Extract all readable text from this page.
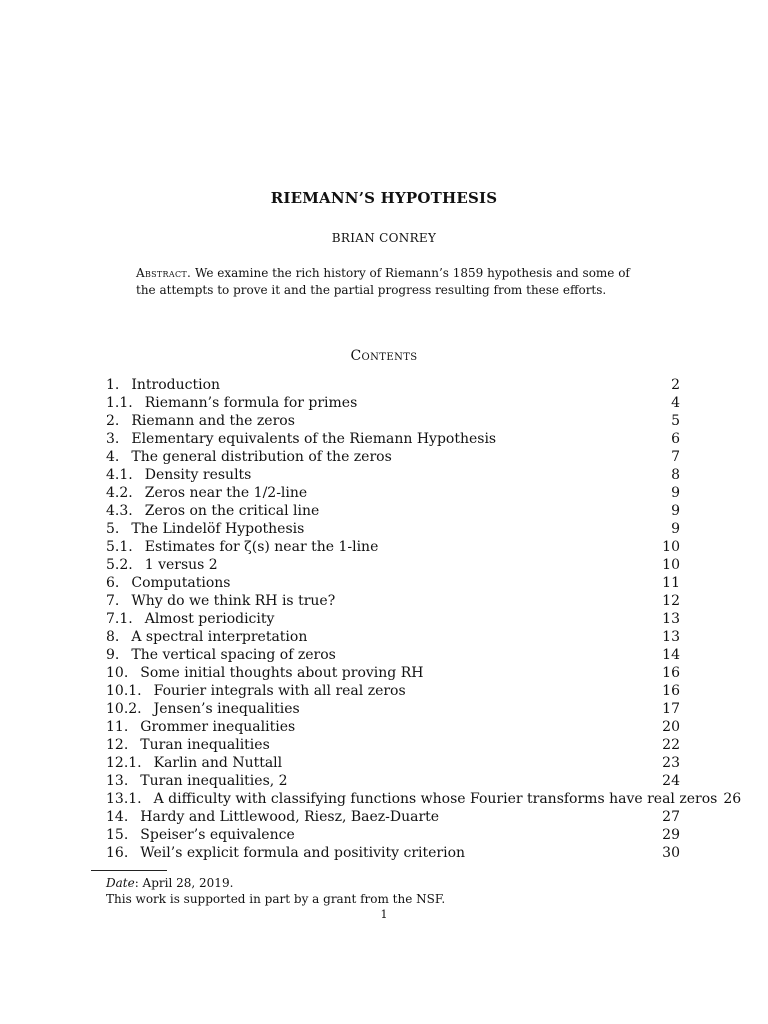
RIEMANN’S HYPOTHESIS
BRIAN CONREY
Abstract. We examine the rich history of Riemann’s 1859 hypothesis and some of the attempts to prove it and the partial progress resulting from these efforts.
Contents
1. Introduction	2
1.1. Riemann’s formula for primes	4
2. Riemann and the zeros	5
3. Elementary equivalents of the Riemann Hypothesis	6
4. The general distribution of the zeros	7
4.1. Density results	8
4.2. Zeros near the 1/2-line	9
4.3. Zeros on the critical line	9
5. The Lindelöf Hypothesis	9
5.1. Estimates for ζ(s) near the 1-line	10
5.2. 1 versus 2	10
6. Computations	11
7. Why do we think RH is true?	12
7.1. Almost periodicity	13
8. A spectral interpretation	13
9. The vertical spacing of zeros	14
10. Some initial thoughts about proving RH	16
10.1. Fourier integrals with all real zeros	16
10.2. Jensen’s inequalities	17
11. Grommer inequalities	20
12. Turan inequalities	22
12.1. Karlin and Nuttall	23
13. Turan inequalities, 2	24
13.1. A difficulty with classifying functions whose Fourier transforms have real zeros 26
14. Hardy and Littlewood, Riesz, Baez-Duarte	27
15. Speiser’s equivalence	29
16. Weil’s explicit formula and positivity criterion	30
Date: April 28, 2019.
This work is supported in part by a grant from the NSF.
1
